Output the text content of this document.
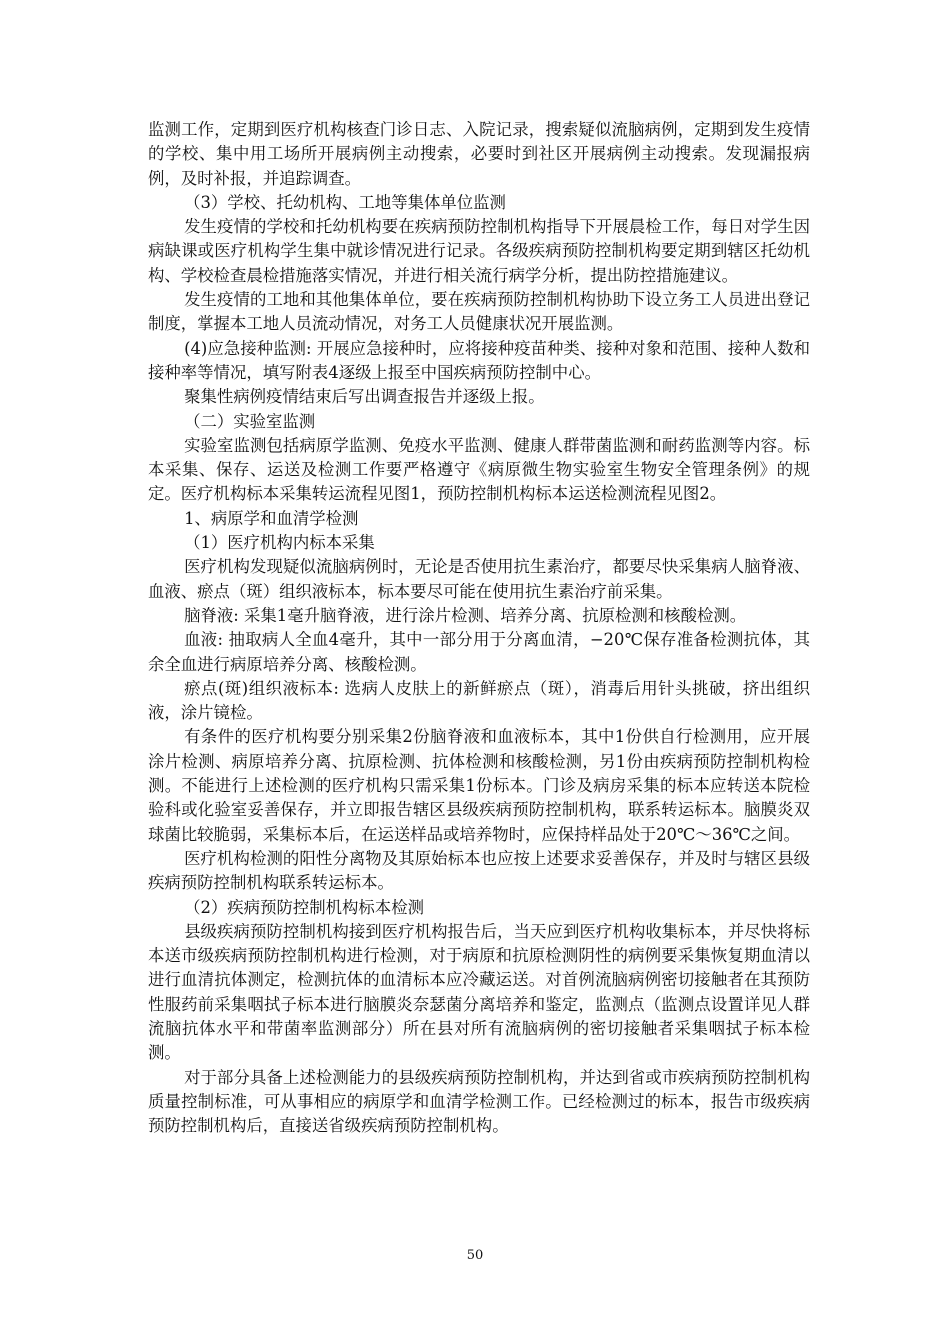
监测工作，定期到医疗机构核查门诊日志、入院记录，搜索疑似流脑病例，定期到发生疫情的学校、集中用工场所开展病例主动搜索，必要时到社区开展病例主动搜索。发现漏报病例，及时补报，并追踪调查。

（3）学校、托幼机构、工地等集体单位监测

发生疫情的学校和托幼机构要在疾病预防控制机构指导下开展晨检工作，每日对学生因病缺课或医疗机构学生集中就诊情况进行记录。各级疾病预防控制机构要定期到辖区托幼机构、学校检查晨检措施落实情况，并进行相关流行病学分析，提出防控措施建议。

发生疫情的工地和其他集体单位，要在疾病预防控制机构协助下设立务工人员进出登记制度，掌握本工地人员流动情况，对务工人员健康状况开展监测。

(4)应急接种监测: 开展应急接种时，应将接种疫苗种类、接种对象和范围、接种人数和接种率等情况，填写附表4逐级上报至中国疾病预防控制中心。

聚集性病例疫情结束后写出调查报告并逐级上报。

（二）实验室监测

实验室监测包括病原学监测、免疫水平监测、健康人群带菌监测和耐药监测等内容。标本采集、保存、运送及检测工作要严格遵守《病原微生物实验室生物安全管理条例》的规定。医疗机构标本采集转运流程见图1，预防控制机构标本运送检测流程见图2。

1、病原学和血清学检测

（1）医疗机构内标本采集

医疗机构发现疑似流脑病例时，无论是否使用抗生素治疗，都要尽快采集病人脑脊液、血液、瘀点（斑）组织液标本，标本要尽可能在使用抗生素治疗前采集。

脑脊液: 采集1毫升脑脊液，进行涂片检测、培养分离、抗原检测和核酸检测。

血液: 抽取病人全血4毫升，其中一部分用于分离血清，−20℃保存准备检测抗体，其余全血进行病原培养分离、核酸检测。

瘀点(斑)组织液标本: 选病人皮肤上的新鲜瘀点（斑），消毒后用针头挑破，挤出组织液，涂片镜检。

有条件的医疗机构要分别采集2份脑脊液和血液标本，其中1份供自行检测用，应开展涂片检测、病原培养分离、抗原检测、抗体检测和核酸检测，另1份由疾病预防控制机构检测。不能进行上述检测的医疗机构只需采集1份标本。门诊及病房采集的标本应转送本院检验科或化验室妥善保存，并立即报告辖区县级疾病预防控制机构，联系转运标本。脑膜炎双球菌比较脆弱，采集标本后，在运送样品或培养物时，应保持样品处于20℃～36℃之间。

医疗机构检测的阳性分离物及其原始标本也应按上述要求妥善保存，并及时与辖区县级疾病预防控制机构联系转运标本。

（2）疾病预防控制机构标本检测

县级疾病预防控制机构接到医疗机构报告后，当天应到医疗机构收集标本，并尽快将标本送市级疾病预防控制机构进行检测，对于病原和抗原检测阴性的病例要采集恢复期血清以进行血清抗体测定，检测抗体的血清标本应冷藏运送。对首例流脑病例密切接触者在其预防性服药前采集咽拭子标本进行脑膜炎奈瑟菌分离培养和鉴定，监测点（监测点设置详见人群流脑抗体水平和带菌率监测部分）所在县对所有流脑病例的密切接触者采集咽拭子标本检测。

对于部分具备上述检测能力的县级疾病预防控制机构，并达到省或市疾病预防控制机构质量控制标准，可从事相应的病原学和血清学检测工作。已经检测过的标本，报告市级疾病预防控制机构后，直接送省级疾病预防控制机构。

50
